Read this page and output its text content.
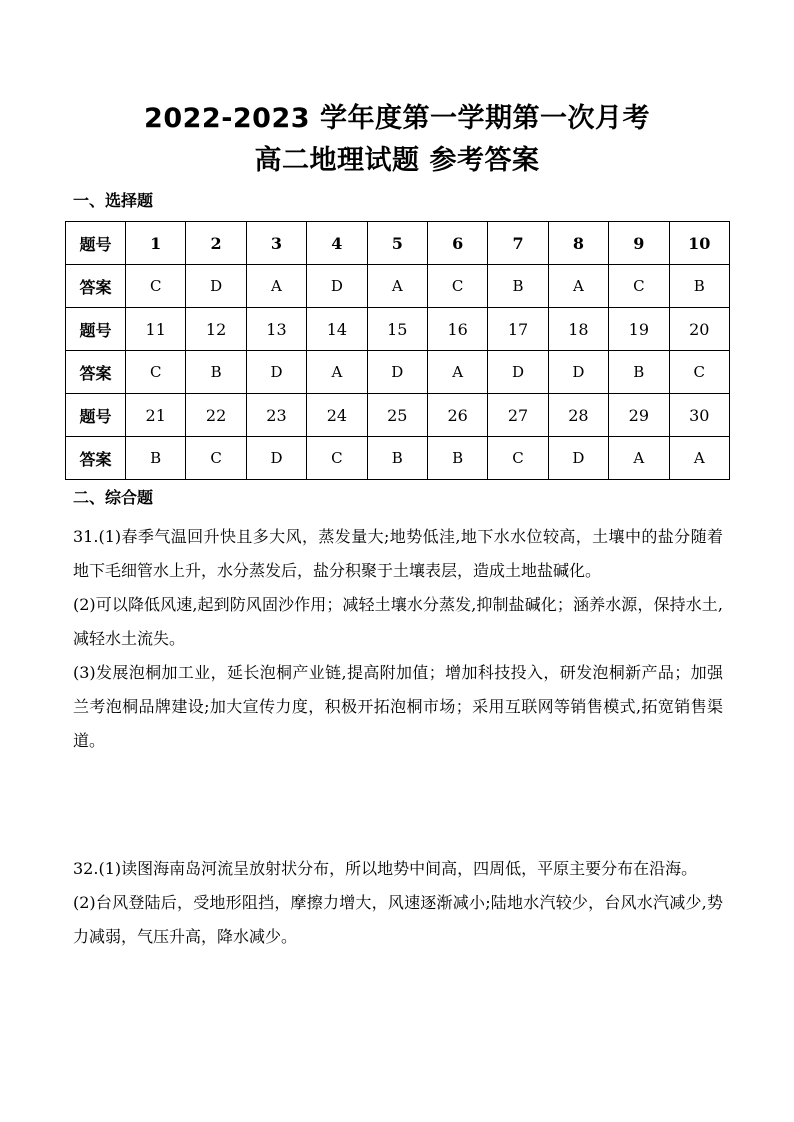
2022-2023 学年度第一学期第一次月考
高二地理试题 参考答案
一、选择题
题号	1	2	3	4	5	6	7	8	9	10
答案	C	D	A	D	A	C	B	A	C	B
题号	11	12	13	14	15	16	17	18	19	20
答案	C	B	D	A	D	A	D	D	B	C
题号	21	22	23	24	25	26	27	28	29	30
答案	B	C	D	C	B	B	C	D	A	A
二、综合题

31.(1)春季气温回升快且多大风，蒸发量大;地势低洼,地下水水位较高，土壤中的盐分随着地下毛细管水上升，水分蒸发后，盐分积聚于土壤表层，造成土地盐碱化。

(2)可以降低风速,起到防风固沙作用；减轻土壤水分蒸发,抑制盐碱化；涵养水源，保持水土,减轻水土流失。

(3)发展泡桐加工业，延长泡桐产业链,提高附加值；增加科技投入，研发泡桐新产品；加强兰考泡桐品牌建设;加大宣传力度，积极开拓泡桐市场；采用互联网等销售模式,拓宽销售渠道。

32.(1)读图海南岛河流呈放射状分布，所以地势中间高，四周低，平原主要分布在沿海。

(2)台风登陆后，受地形阻挡，摩擦力增大，风速逐渐减小;陆地水汽较少，台风水汽减少,势力减弱，气压升高，降水减少。
